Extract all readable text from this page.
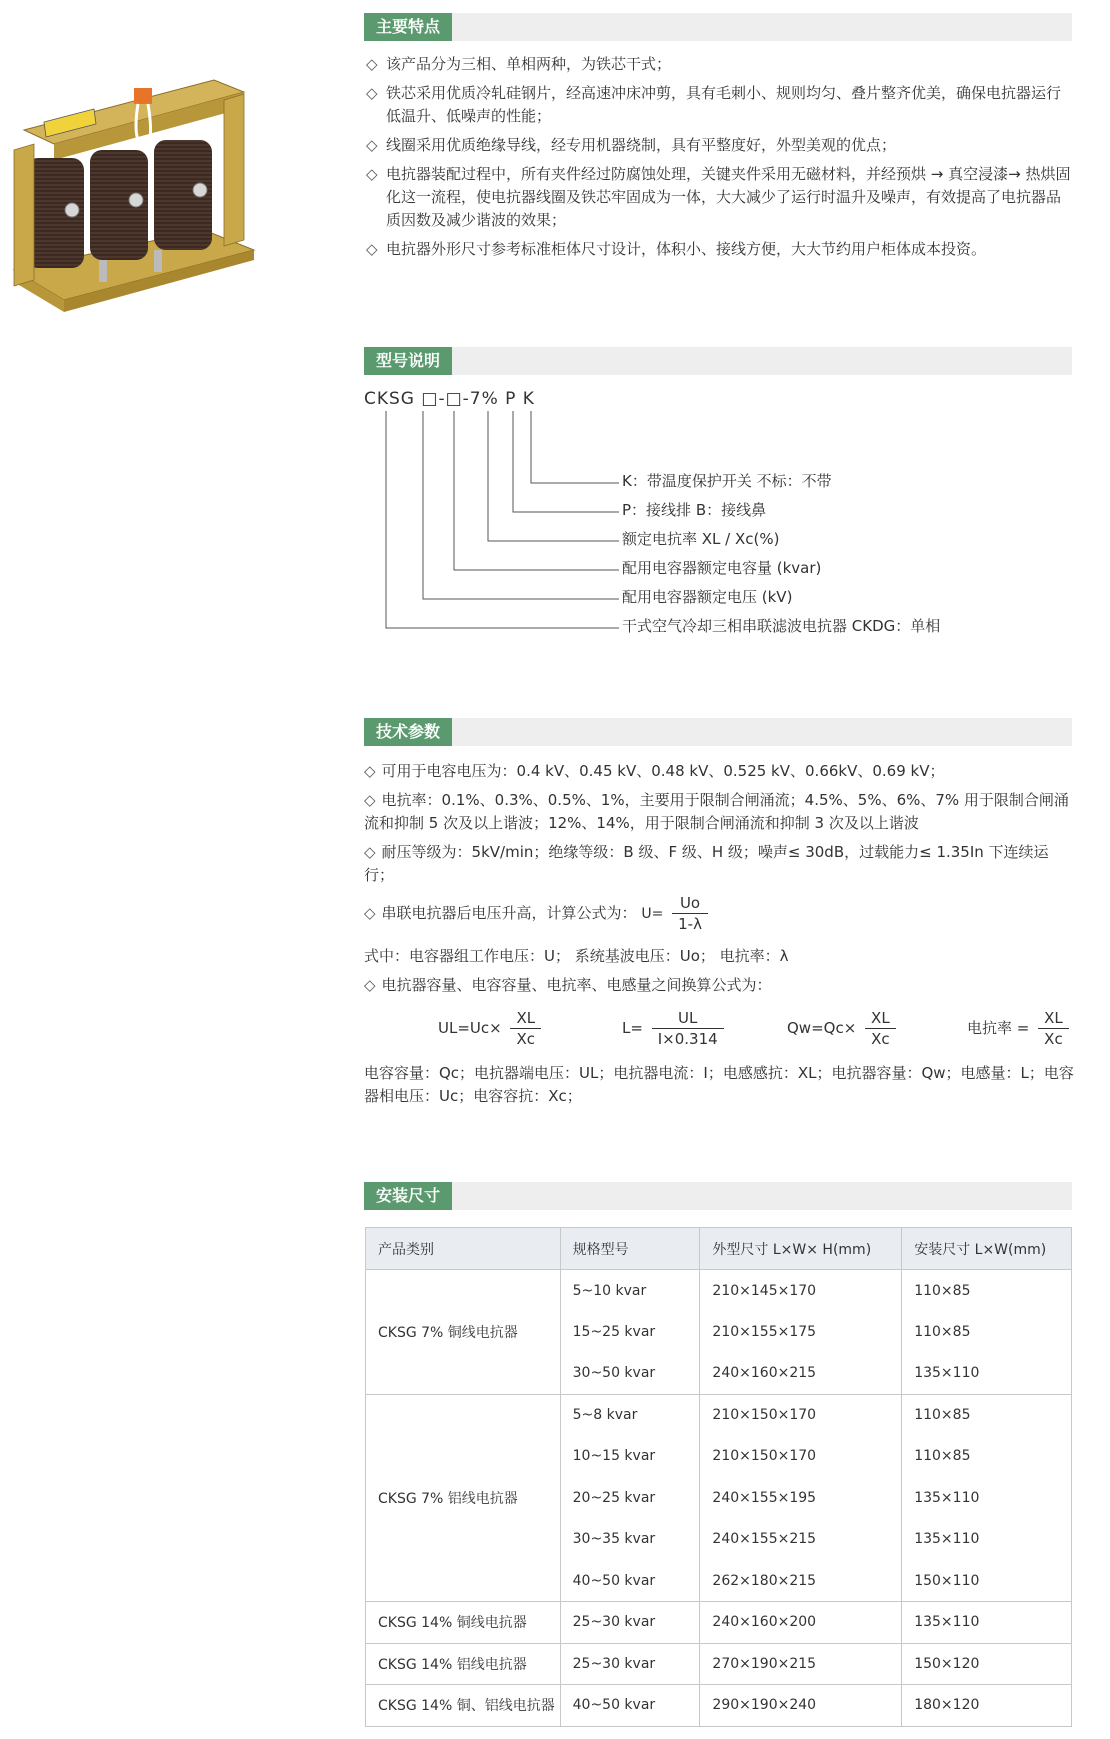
主要特点
◇ 该产品分为三相、单相两种，为铁芯干式；
◇ 铁芯采用优质冷轧硅钢片，经高速冲床冲剪，具有毛刺小、规则均匀、叠片整齐优美，确保电抗器运行低温升、低噪声的性能；
◇ 线圈采用优质绝缘导线，经专用机器绕制，具有平整度好，外型美观的优点；
◇ 电抗器装配过程中，所有夹件经过防腐蚀处理，关键夹件采用无磁材料，并经预烘 → 真空浸漆→ 热烘固化这一流程，使电抗器线圈及铁芯牢固成为一体，大大减少了运行时温升及噪声，有效提高了电抗器品质因数及减少谐波的效果；
◇ 电抗器外形尺寸参考标准柜体尺寸设计，体积小、接线方便，大大节约用户柜体成本投资。
型号说明
CKSG □-□-7% P K
K：带温度保护开关 不标：不带
P：接线排 B：接线鼻
额定电抗率 XL / Xc(%)
配用电容器额定电容量 (kvar)
配用电容器额定电压 (kV)
干式空气冷却三相串联滤波电抗器 CKDG：单相
技术参数
◇ 可用于电容电压为：0.4 kV、0.45 kV、0.48 kV、0.525 kV、0.66kV、0.69 kV；
◇ 电抗率：0.1%、0.3%、0.5%、1%，主要用于限制合闸涌流；4.5%、5%、6%、7% 用于限制合闸涌流和抑制 5 次及以上谐波；12%、14%，用于限制合闸涌流和抑制 3 次及以上谐波
◇ 耐压等级为：5kV/min；绝缘等级：B 级、F 级、H 级；噪声≤ 30dB，过载能力≤ 1.35In 下连续运行；
◇ 串联电抗器后电压升高，计算公式为： $U= \frac{Uo}{1-\lambda}$
式中：电容器组工作电压：U； 系统基波电压：Uo； 电抗率：λ
◇ 电抗器容量、电容容量、电抗率、电感量之间换算公式为：
$UL=Uc\times \frac{XL}{Xc}$	$L= \frac{UL}{I\times 0.314}$	$Qw=Qc\times \frac{XL}{Xc}$	电抗率 = $\frac{XL}{Xc}$
电容容量：Qc；电抗器端电压：UL；电抗器电流：I；电感感抗：XL；电抗器容量：Qw；电感量：L；电容器相电压：Uc；电容容抗：Xc；
安装尺寸
产品类别	规格型号	外型尺寸 L×W× H(mm)	安装尺寸 L×W(mm)
CKSG 7% 铜线电抗器	5~10 kvar	210×145×170	110×85
	15~25 kvar	210×155×175	110×85
	30~50 kvar	240×160×215	135×110
CKSG 7% 铝线电抗器	5~8 kvar	210×150×170	110×85
	10~15 kvar	210×150×170	110×85
	20~25 kvar	240×155×195	135×110
	30~35 kvar	240×155×215	135×110
	40~50 kvar	262×180×215	150×110
CKSG 14% 铜线电抗器	25~30 kvar	240×160×200	135×110
CKSG 14% 铝线电抗器	25~30 kvar	270×190×215	150×120
CKSG 14% 铜、铝线电抗器	40~50 kvar	290×190×240	180×120
